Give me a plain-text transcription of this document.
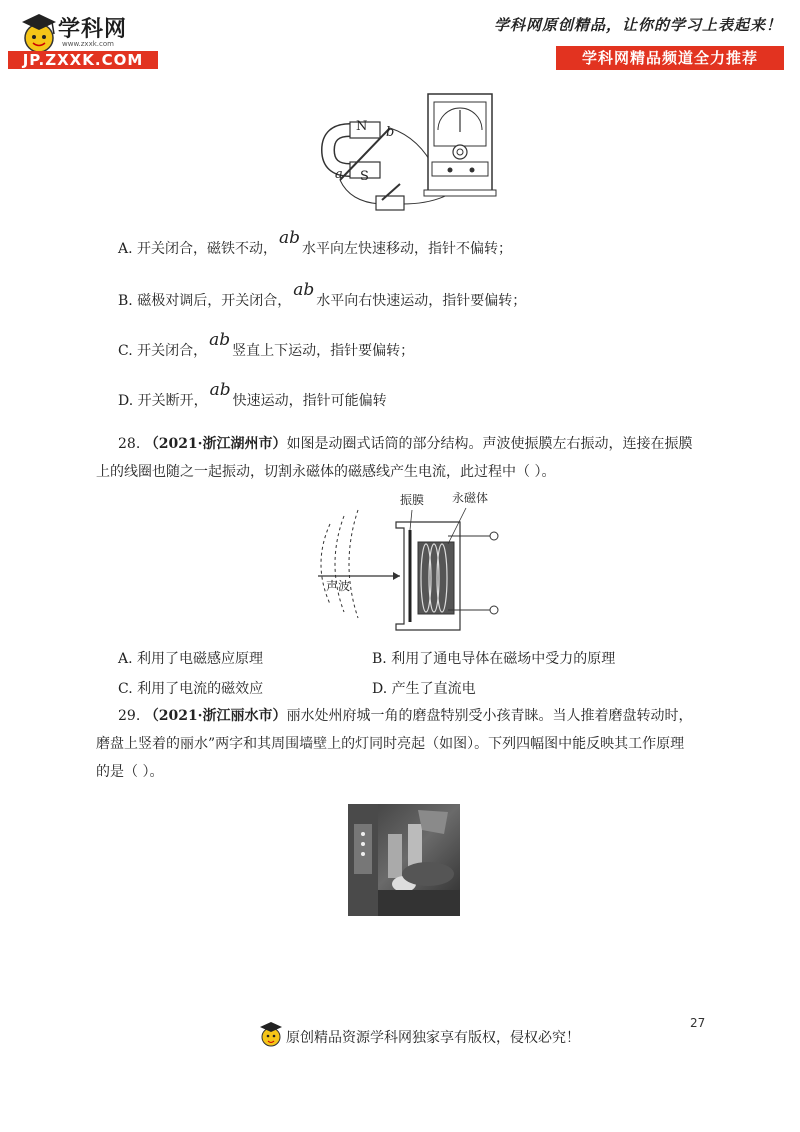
学科网
www.zxxk.com
JP.ZXXK.COM
学科网原创精品，让你的学习上表起来！
学科网精品频道全力推荐
N
S
a
b
A. 开关闭合，磁铁不动，ab水平向左快速移动，指针不偏转；
B. 磁极对调后，开关闭合，ab水平向右快速运动，指针要偏转；
C. 开关闭合，ab竖直上下运动，指针要偏转；
D. 开关断开，ab快速运动，指针可能偏转
28. （2021·浙江湖州市）如图是动圈式话筒的部分结构。声波使振膜左右振动，连接在振膜
上的线圈也随之一起振动，切割永磁体的磁感线产生电流，此过程中（ ）。
声波
振膜 永磁体
A. 利用了电磁感应原理	B. 利用了通电导体在磁场中受力的原理
C. 利用了电流的磁效应	D. 产生了直流电
29. （2021·浙江丽水市）丽水处州府城一角的磨盘特别受小孩青睐。当人推着磨盘转动时，
磨盘上竖着的丽水”两字和其周围墙壁上的灯同时亮起（如图）。下列四幅图中能反映其工作原理
的是（ ）。
原创精品资源学科网独家享有版权，侵权必究！
27
